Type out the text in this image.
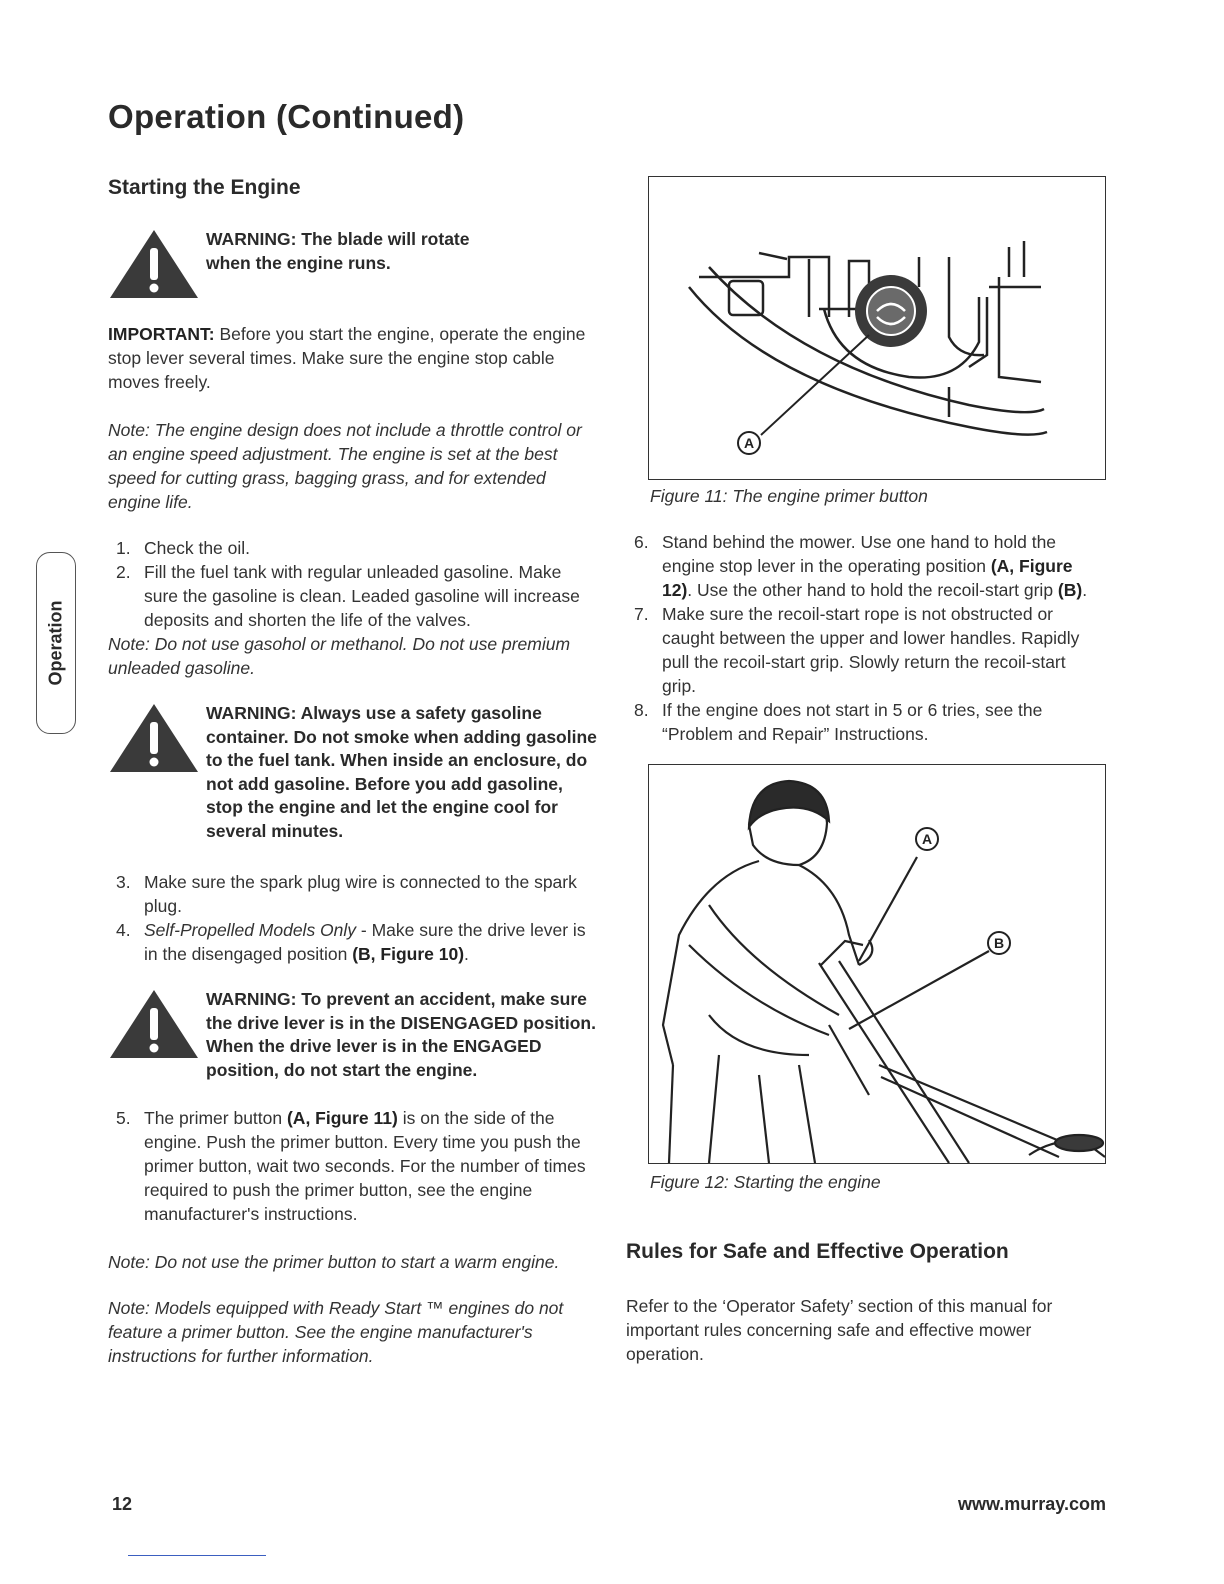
Operation (Continued)
Operation
Starting the Engine

WARNING: The blade will rotate
when the engine runs.

IMPORTANT: Before you start the engine, operate the engine stop lever several times. Make sure the engine stop cable moves freely.

Note: The engine design does not include a throttle control or an engine speed adjustment. The engine is set at the best speed for cutting grass, bagging grass, and for extended engine life.

1. Check the oil.
2. Fill the fuel tank with regular unleaded gasoline. Make sure the gasoline is clean. Leaded gasoline will increase deposits and shorten the life of the valves.

Note: Do not use gasohol or methanol. Do not use premium unleaded gasoline.

WARNING: Always use a safety gasoline
container. Do not smoke when adding gasoline
to the fuel tank. When inside an enclosure, do
not add gasoline. Before you add gasoline,
stop the engine and let the engine cool for
several minutes.

3. Make sure the spark plug wire is connected to the spark plug.
4. Self-Propelled Models Only - Make sure the drive lever is in the disengaged position (B, Figure 10).

WARNING: To prevent an accident, make sure
the drive lever is in the DISENGAGED position.
When the drive lever is in the ENGAGED
position, do not start the engine.

5. The primer button (A, Figure 11) is on the side of the engine. Push the primer button. Every time you push the primer button, wait two seconds. For the number of times required to push the primer button, see the engine manufacturer's instructions.

Note: Do not use the primer button to start a warm engine.

Note: Models equipped with Ready Start ™ engines do not feature a primer button. See the engine manufacturer's instructions for further information.

A

Figure 11: The engine primer button

6. Stand behind the mower. Use one hand to hold the engine stop lever in the operating position (A, Figure 12). Use the other hand to hold the recoil-start grip (B).
7. Make sure the recoil-start rope is not obstructed or caught between the upper and lower handles. Rapidly pull the recoil-start grip. Slowly return the recoil-start grip.
8. If the engine does not start in 5 or 6 tries, see the “Problem and Repair” Instructions.
A
B

Figure 12: Starting the engine

Rules for Safe and Effective Operation

Refer to the ‘Operator Safety’ section of this manual for important rules concerning safe and effective mower operation.

12	www.murray.com
